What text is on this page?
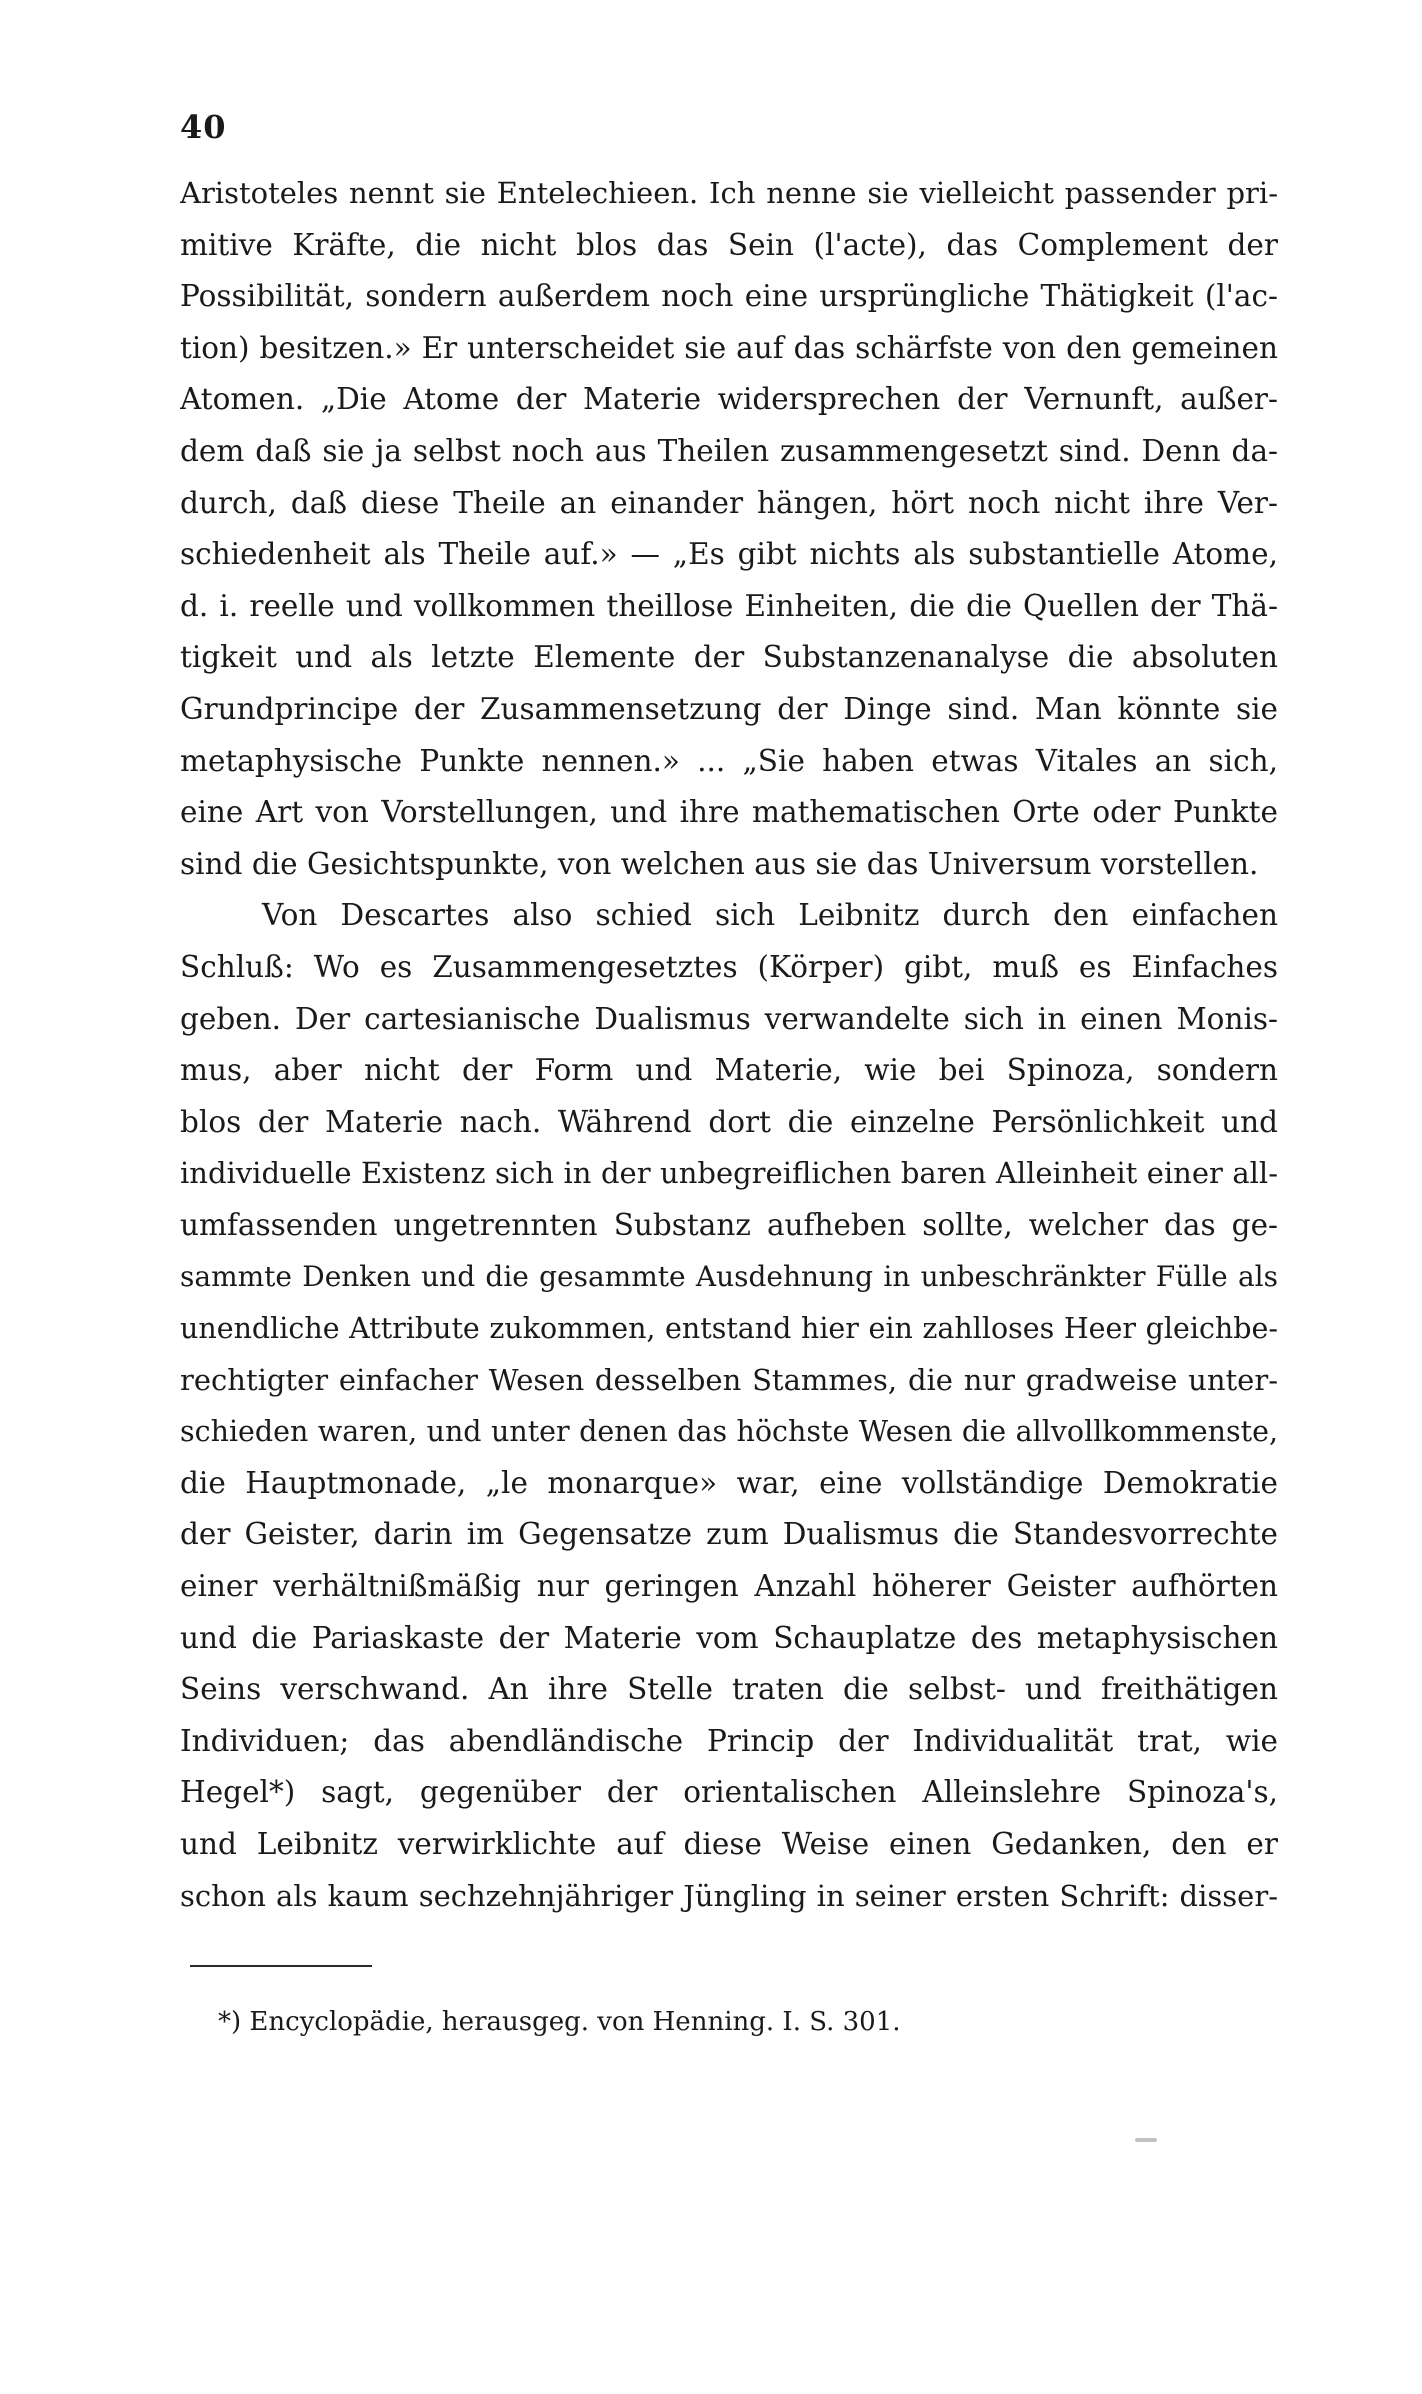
40
Aristoteles nennt sie Entelechieen. Ich nenne sie vielleicht passender pri-
mitive Kräfte, die nicht blos das Sein (l'acte), das Complement der
Possibilität, sondern außerdem noch eine ursprüngliche Thätigkeit (l'ac-
tion) besitzen.» Er unterscheidet sie auf das schärfste von den gemeinen
Atomen. „Die Atome der Materie widersprechen der Vernunft, außer-
dem daß sie ja selbst noch aus Theilen zusammengesetzt sind. Denn da-
durch, daß diese Theile an einander hängen, hört noch nicht ihre Ver-
schiedenheit als Theile auf.» — „Es gibt nichts als substantielle Atome,
d. i. reelle und vollkommen theillose Einheiten, die die Quellen der Thä-
tigkeit und als letzte Elemente der Substanzenanalyse die absoluten
Grundprincipe der Zusammensetzung der Dinge sind. Man könnte sie
metaphysische Punkte nennen.» ... „Sie haben etwas Vitales an sich,
eine Art von Vorstellungen, und ihre mathematischen Orte oder Punkte
sind die Gesichtspunkte, von welchen aus sie das Universum vorstellen.
Von Descartes also schied sich Leibnitz durch den einfachen
Schluß: Wo es Zusammengesetztes (Körper) gibt, muß es Einfaches
geben. Der cartesianische Dualismus verwandelte sich in einen Monis-
mus, aber nicht der Form und Materie, wie bei Spinoza, sondern
blos der Materie nach. Während dort die einzelne Persönlichkeit und
individuelle Existenz sich in der unbegreiflichen baren Alleinheit einer all-
umfassenden ungetrennten Substanz aufheben sollte, welcher das ge-
sammte Denken und die gesammte Ausdehnung in unbeschränkter Fülle als
unendliche Attribute zukommen, entstand hier ein zahlloses Heer gleichbe-
rechtigter einfacher Wesen desselben Stammes, die nur gradweise unter-
schieden waren, und unter denen das höchste Wesen die allvollkommenste,
die Hauptmonade, „le monarque» war, eine vollständige Demokratie
der Geister, darin im Gegensatze zum Dualismus die Standesvorrechte
einer verhältnißmäßig nur geringen Anzahl höherer Geister aufhörten
und die Pariaskaste der Materie vom Schauplatze des metaphysischen
Seins verschwand. An ihre Stelle traten die selbst- und freithätigen
Individuen; das abendländische Princip der Individualität trat, wie
Hegel*) sagt, gegenüber der orientalischen Alleinslehre Spinoza's,
und Leibnitz verwirklichte auf diese Weise einen Gedanken, den er
schon als kaum sechzehnjähriger Jüngling in seiner ersten Schrift: disser-
*) Encyclopädie, herausgeg. von Henning. I. S. 301.
